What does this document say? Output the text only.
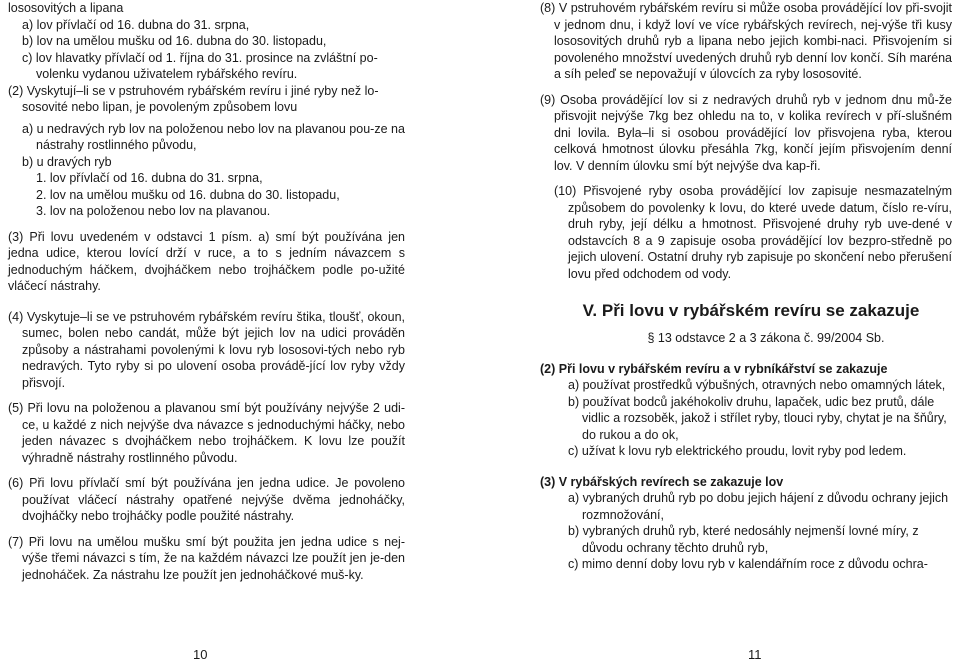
lososovitých a lipana

a) lov přívlačí od 16. dubna do 31. srpna,

b) lov na umělou mušku od 16. dubna do 30. listopadu,

c) lov hlavatky přívlačí od 1. října do 31. prosince na zvláštní po-volenku vydanou uživatelem rybářského revíru.

(2) Vyskytují–li se v pstruhovém rybářském revíru i jiné ryby než lo-sosovité nebo lipan, je povoleným způsobem lovu

a) u nedravých ryb lov na položenou nebo lov na plavanou pou-ze na nástrahy rostlinného původu,

b) u dravých ryb

1. lov přívlačí od 16. dubna do 31. srpna,

2. lov na umělou mušku od 16. dubna do 30. listopadu,

3. lov na položenou nebo lov na plavanou.

(3) Při lovu uvedeném v odstavci 1 písm. a) smí být používána jen jedna udice, kterou lovící drží v ruce, a to s jedním návazcem s jednoduchým háčkem, dvojháčkem nebo trojháčkem podle po-užité vláčecí nástrahy.

(4) Vyskytuje–li se ve pstruhovém rybářském revíru štika, tloušť, okoun, sumec, bolen nebo candát, může být jejich lov na udici prováděn způsoby a nástrahami povolenými k lovu ryb lososovi-tých nebo ryb nedravých. Tyto ryby si po ulovení osoba provádě-jící lov ryby vždy přisvojí.

(5) Při lovu na položenou a plavanou smí být používány nejvýše 2 udi-ce, u každé z nich nejvýše dva návazce s jednoduchými háčky, nebo jeden návazec s dvojháčkem nebo trojháčkem. K lovu lze použít výhradně nástrahy rostlinného původu.

(6) Při lovu přívlačí smí být používána jen jedna udice. Je povoleno používat vláčecí nástrahy opatřené nejvýše dvěma jednoháčky, dvojháčky nebo trojháčky podle použité nástrahy.

(7) Při lovu na umělou mušku smí být použita jen jedna udice s nej-výše třemi návazci s tím, že na každém návazci lze použít jen je-den jednoháček. Za nástrahu lze použít jen jednoháčkové muš-ky.

10

(8) V pstruhovém rybářském revíru si může osoba provádějící lov při-svojit v jednom dnu, i když loví ve více rybářských revírech, nej-výše tři kusy lososovitých druhů ryb a lipana nebo jejich kombi-naci. Přisvojením si povoleného množství uvedených druhů ryb denní lov končí. Síh maréna a síh peleď se nepovažují v úlovcích za ryby lososovité.

(9) Osoba provádějící lov si z nedravých druhů ryb v jednom dnu mů-že přisvojit nejvýše 7kg bez ohledu na to, v kolika revírech v pří-slušném dni lovila. Byla–li si osobou provádějící lov přisvojena ryba, kterou celková hmotnost úlovku přesáhla 7kg, končí jejím přisvojením denní lov. V denním úlovku smí být nejvýše dva kap-ři.

(10) Přisvojené ryby osoba provádějící lov zapisuje nesmazatelným způsobem do povolenky k lovu, do které uvede datum, číslo re-víru, druh ryby, její délku a hmotnost. Přisvojené druhy ryb uve-dené v odstavcích 8 a 9 zapisuje osoba provádějící lov bezpro-středně po jejich ulovení. Ostatní druhy ryb zapisuje po skončení nebo přerušení lovu před odchodem od vody.

V. Při lovu v rybářském revíru se zakazuje
§ 13 odstavce 2 a 3 zákona č. 99/2004 Sb.

(2) Při lovu v rybářském revíru a v rybníkářství se zakazuje

a) používat prostředků výbušných, otravných nebo omamných látek,

b) používat bodců jakéhokoliv druhu, lapaček, udic bez prutů, dále vidlic a rozsoběk, jakož i střílet ryby, tlouci ryby, chytat je na šňůry, do rukou a do ok,

c) užívat k lovu ryb elektrického proudu, lovit ryby pod ledem.

(3) V rybářských revírech se zakazuje lov

a) vybraných druhů ryb po dobu jejich hájení z důvodu ochrany jejich rozmnožování,

b) vybraných druhů ryb, které nedosáhly nejmenší lovné míry, z důvodu ochrany těchto druhů ryb,

c) mimo denní doby lovu ryb v kalendářním roce z důvodu ochra-

11
